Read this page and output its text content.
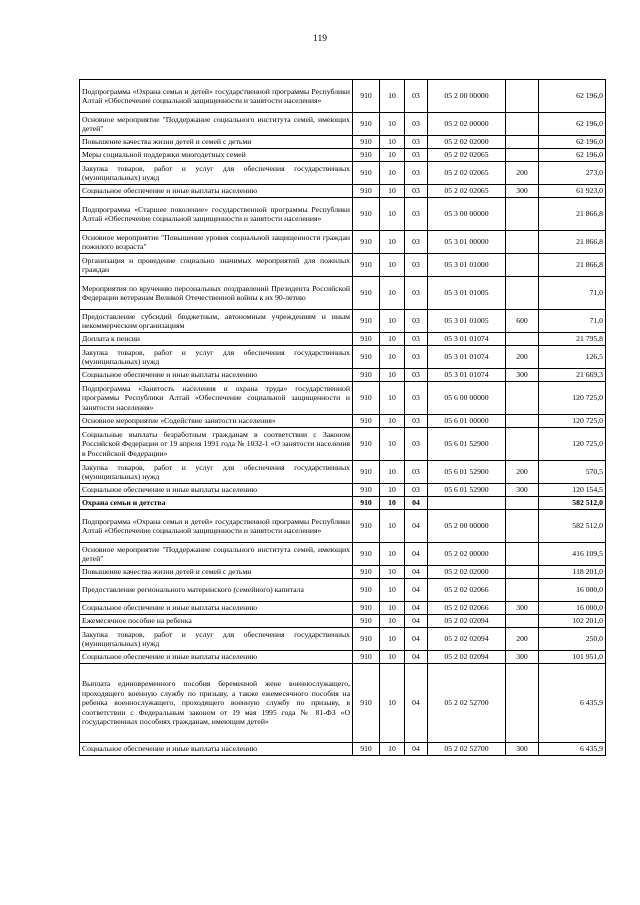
119
Подпрограмма «Охрана семьи и детей» государственной программы Республики Алтай «Обеспечение социальной защищенности и занятости населения»	910	10	03	05 2 00 00000		62 196,0
Основное мероприятие "Поддержание социального института семей, имеющих детей"	910	10	03	05 2 02 00000		62 196,0
Повышение качества жизни детей и семей с детьми	910	10	03	05 2 02 02000		62 196,0
Меры социальной поддержки многодетных семей	910	10	03	05 2 02 02065		62 196,0
Закупка товаров, работ и услуг для обеспечения государственных (муниципальных) нужд	910	10	03	05 2 02 02065	200	273,0
Социальное обеспечение и иные выплаты населению	910	10	03	05 2 02 02065	300	61 923,0
Подпрограмма «Старшее поколение» государственной программы Республики Алтай «Обеспечение социальной защищенности и занятости населения»	910	10	03	05 3 00 00000		21 866,8
Основное мероприятие "Повышение уровня социальной защищенности граждан пожилого возраста"	910	10	03	05 3 01 00000		21 866,8
Организация и проведение социально значимых мероприятий для пожилых граждан	910	10	03	05 3 01 01000		21 866,8
Мероприятия по вручению персональных поздравлений Президента Российской Федерации ветеранам Великой Отечественной войны к их 90-летию	910	10	03	05 3 01 01005		71,0
Предоставление субсидий бюджетным, автономным учреждениям и иным некоммерческим организациям	910	10	03	05 3 01 01005	600	71,0
Доплата к пенсии	910	10	03	05 3 01 01074		21 795,8
Закупка товаров, работ и услуг для обеспечения государственных (муниципальных) нужд	910	10	03	05 3 01 01074	200	126,5
Социальное обеспечение и иные выплаты населению	910	10	03	05 3 01 01074	300	21 669,3
Подпрограмма «Занятость населения и охрана труда» государственной программы Республики Алтай «Обеспечение социальной защищенности и занятости населения»	910	10	03	05 6 00 00000		120 725,0
Основное мероприятие «Содействие занятости населения»	910	10	03	05 6 01 00000		120 725,0
Социальные выплаты безработным гражданам в соответствии с Законом Российской Федерации от 19 апреля 1991 года № 1032-1 «О занятости населения в Российской Федерации»	910	10	03	05 6 01 52900		120 725,0
Закупка товаров, работ и услуг для обеспечения государственных (муниципальных) нужд	910	10	03	05 6 01 52900	200	570,5
Социальное обеспечение и иные выплаты населению	910	10	03	05 6 01 52900	300	120 154,5
Охрана семьи и детства	910	10	04			582 512,0
Подпрограмма «Охрана семьи и детей» государственной программы Республики Алтай «Обеспечение социальной защищенности и занятости населения»	910	10	04	05 2 00 00000		582 512,0
Основное мероприятие "Поддержание социального института семей, имеющих детей"	910	10	04	05 2 02 00000		416 109,5
Повышение качества жизни детей и семей с детьми	910	10	04	05 2 02 02000		118 201,0
Предоставление регионального материнского (семейного) капитала	910	10	04	05 2 02 02066		16 000,0
Социальное обеспечение и иные выплаты населению	910	10	04	05 2 02 02066	300	16 000,0
Ежемесячное пособие на ребенка	910	10	04	05 2 02 02094		102 201,0
Закупка товаров, работ и услуг для обеспечения государственных (муниципальных) нужд	910	10	04	05 2 02 02094	200	250,0
Социальное обеспечение и иные выплаты населению	910	10	04	05 2 02 02094	300	101 951,0
Выплата единовременного пособия беременной жене военнослужащего, проходящего военную службу по призыву, а также ежемесячного пособия на ребенка военнослужащего, проходящего военную службу по призыву, в соответствии с Федеральным законом от 19 мая 1995 года № 81-ФЗ «О государственных пособиях гражданам, имеющим детей»	910	10	04	05 2 02 52700		6 435,9
Социальное обеспечение и иные выплаты населению	910	10	04	05 2 02 52700	300	6 435,9
